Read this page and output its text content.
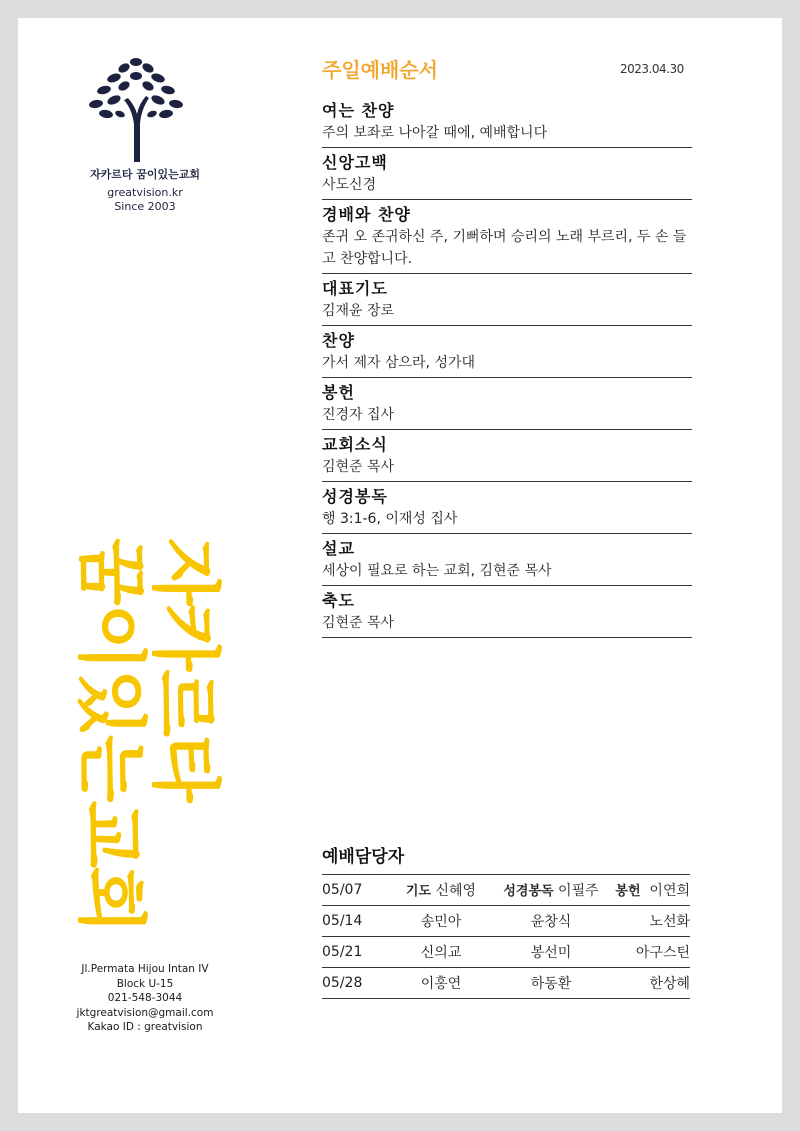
자카르타 꿈이있는교회
greatvision.kr
Since 2003
자카르타
꿈이있는교회
Jl.Permata Hijou Intan IV
Block U-15
021-548-3044
jktgreatvision@gmail.com
Kakao ID : greatvision
주일예배순서	2023.04.30
여는 찬양
주의 보좌로 나아갈 때에, 예배합니다
신앙고백
사도신경
경배와 찬양
존귀 오 존귀하신 주, 기뻐하며 승리의 노래 부르리, 두 손 들고 찬양합니다.
대표기도
김재윤 장로
찬양
가서 제자 삼으라, 성가대
봉헌
진경자 집사
교회소식
김현준 목사
성경봉독
행 3:1-6, 이재성 집사
설교
세상이 필요로 하는 교회, 김현준 목사
축도
김현준 목사
예배담당자
05/07	기도 신혜영	성경봉독 이필주	봉헌 이연희
05/14	송민아	윤창식	노선화
05/21	신의교	봉선미	아구스틴
05/28	이홍연	하동환	한상혜
